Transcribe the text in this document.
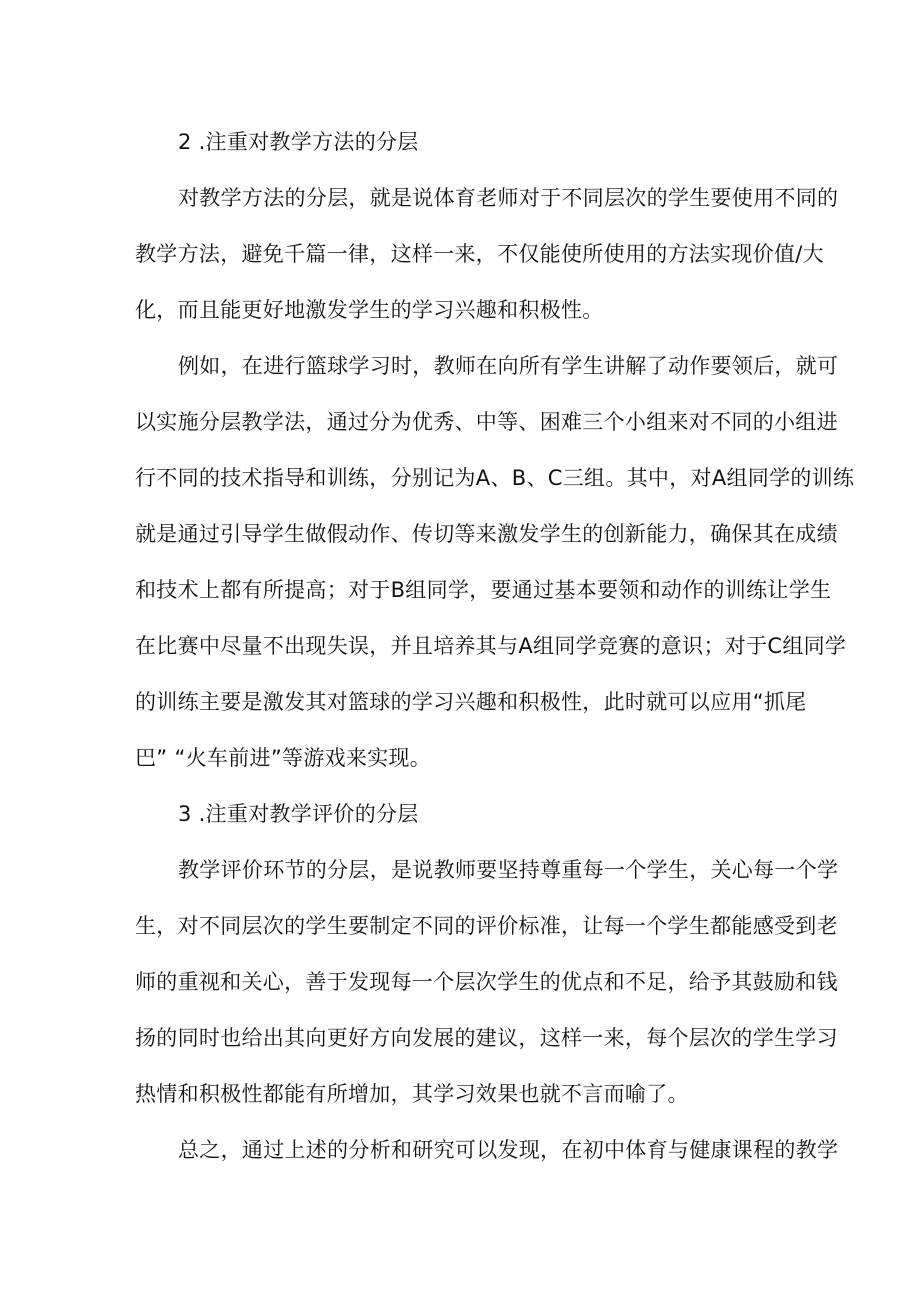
2 .注重对教学方法的分层
对教学方法的分层，就是说体育老师对于不同层次的学生要使用不同的
教学方法，避免千篇一律，这样一来，不仅能使所使用的方法实现价值/大
化，而且能更好地激发学生的学习兴趣和积极性。
例如，在进行篮球学习时，教师在向所有学生讲解了动作要领后，就可
以实施分层教学法，通过分为优秀、中等、困难三个小组来对不同的小组进
行不同的技术指导和训练，分别记为A、B、C三组。其中，对A组同学的训练
就是通过引导学生做假动作、传切等来激发学生的创新能力，确保其在成绩
和技术上都有所提高；对于B组同学，要通过基本要领和动作的训练让学生
在比赛中尽量不出现失误，并且培养其与A组同学竞赛的意识；对于C组同学
的训练主要是激发其对篮球的学习兴趣和积极性，此时就可以应用“抓尾
巴” “火车前进”等游戏来实现。
3 .注重对教学评价的分层
教学评价环节的分层，是说教师要坚持尊重每一个学生，关心每一个学
生，对不同层次的学生要制定不同的评价标准，让每一个学生都能感受到老
师的重视和关心，善于发现每一个层次学生的优点和不足，给予其鼓励和钱
扬的同时也给出其向更好方向发展的建议，这样一来，每个层次的学生学习
热情和积极性都能有所增加，其学习效果也就不言而喻了。
总之，通过上述的分析和研究可以发现，在初中体育与健康课程的教学
